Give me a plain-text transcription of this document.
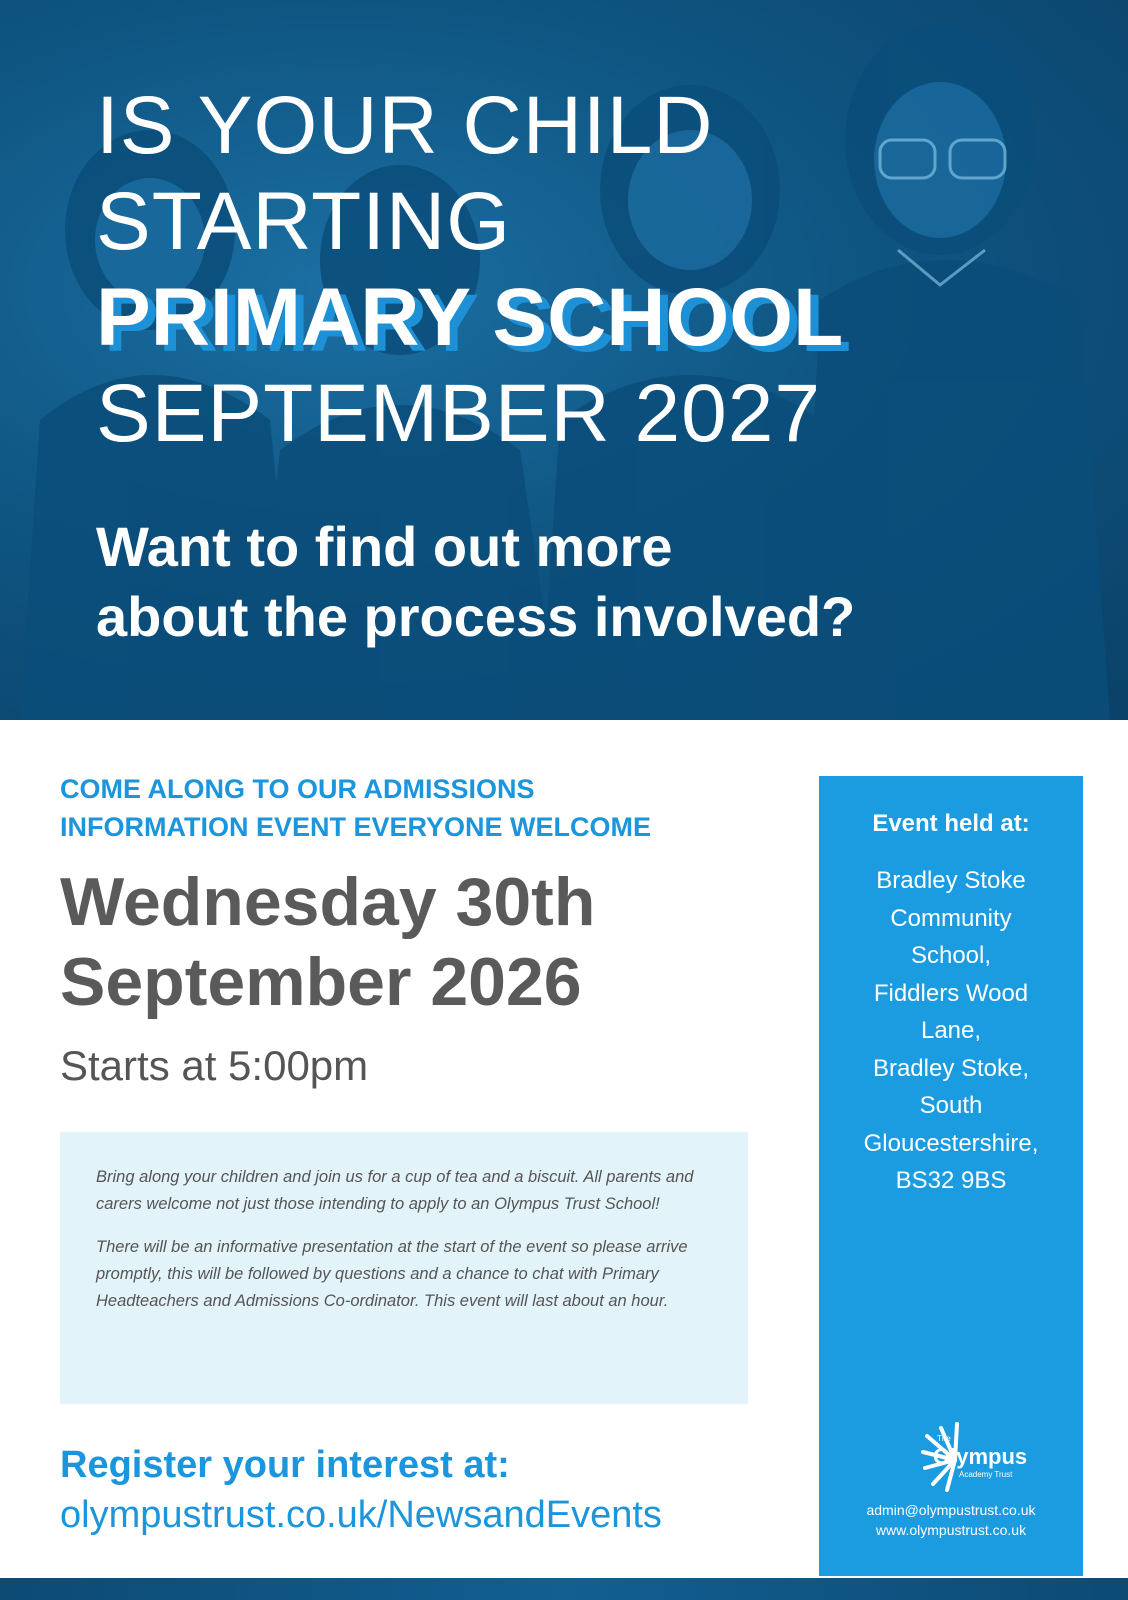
IS YOUR CHILD
STARTING
PRIMARY SCHOOL
SEPTEMBER 2027
Want to find out more
about the process involved?
COME ALONG TO OUR ADMISSIONS
INFORMATION EVENT EVERYONE WELCOME
Wednesday 30th
September 2026
Starts at 5:00pm

Bring along your children and join us for a cup of tea and a biscuit. All parents and carers welcome not just those intending to apply to an Olympus Trust School!

There will be an informative presentation at the start of the event so please arrive promptly, this will be followed by questions and a chance to chat with Primary Headteachers and Admissions Co-ordinator. This event will last about an hour.

Register your interest at:
olympustrust.co.uk/NewsandEvents
Event held at:
Bradley Stoke
Community
School,
Fiddlers Wood
Lane,
Bradley Stoke,
South
Gloucestershire,
BS32 9BS
The
Olympus
Academy Trust
admin@olympustrust.co.uk
www.olympustrust.co.uk
